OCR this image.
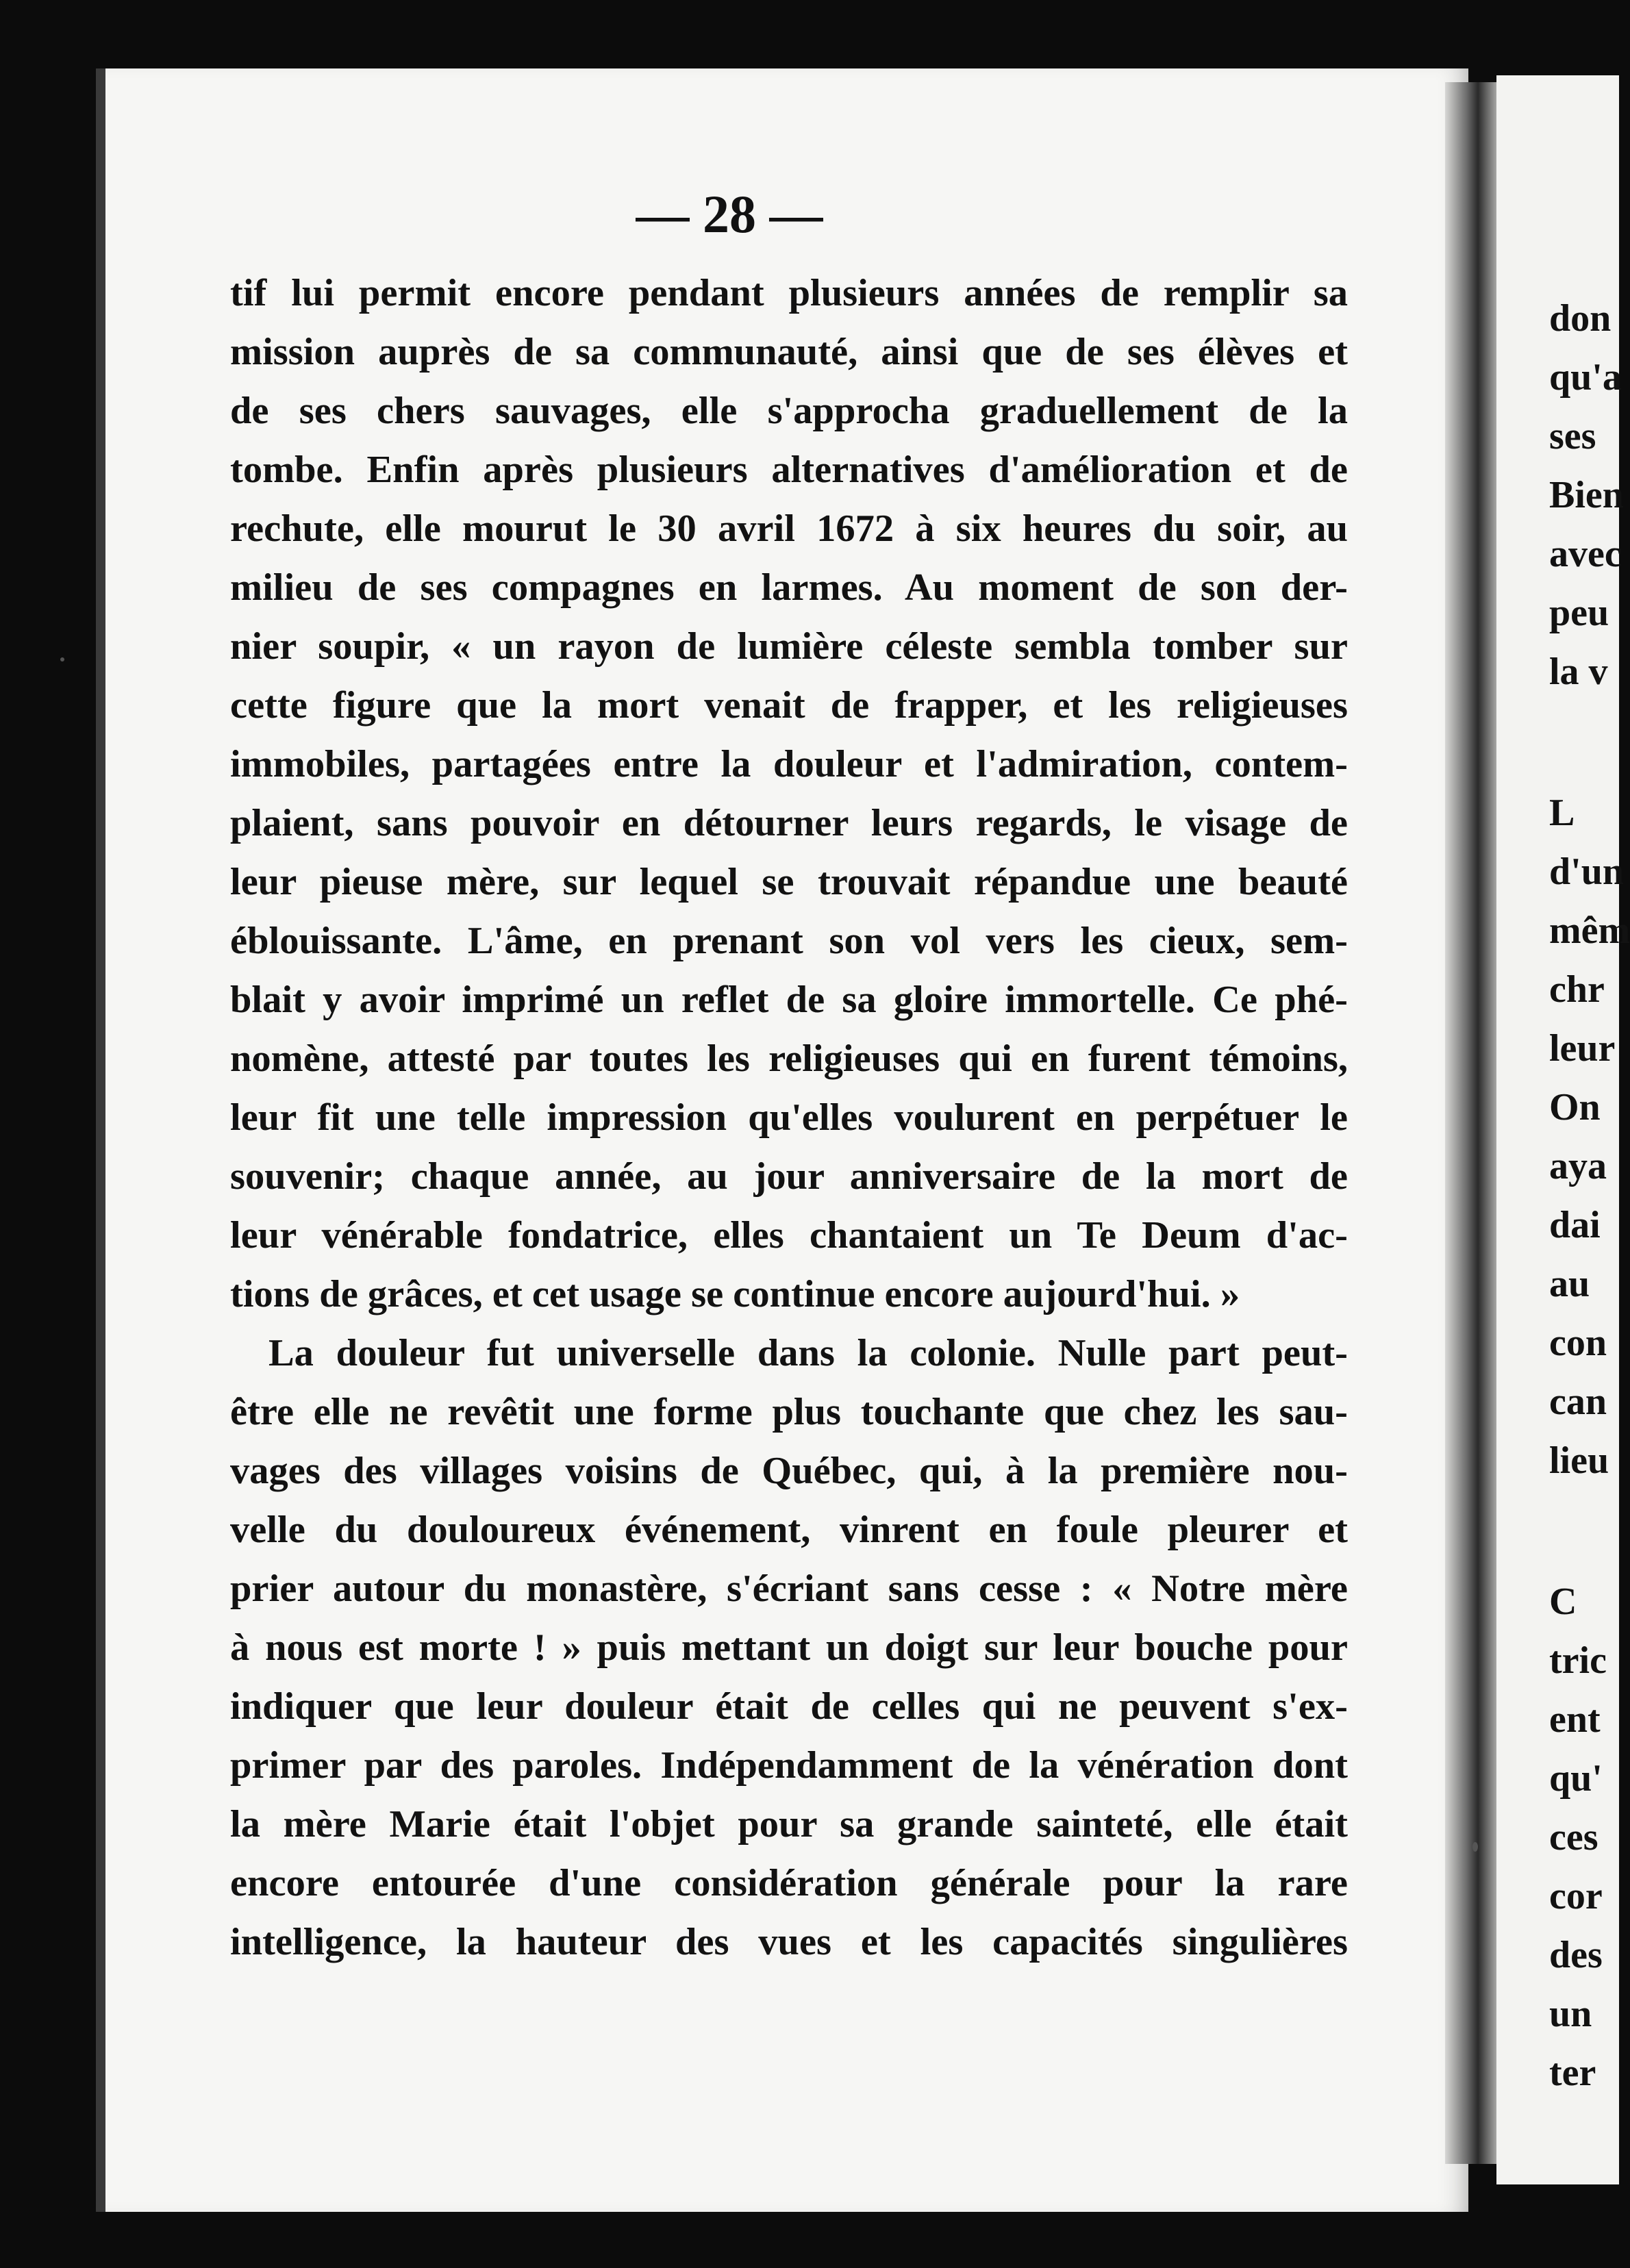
— 28 —
tif lui permit encore pendant plusieurs années de remplir sa
mission auprès de sa communauté, ainsi que de ses élèves et
de ses chers sauvages, elle s'approcha graduellement de la
tombe. Enfin après plusieurs alternatives d'amélioration et de
rechute, elle mourut le 30 avril 1672 à six heures du soir, au
milieu de ses compagnes en larmes. Au moment de son der-
nier soupir, « un rayon de lumière céleste sembla tomber sur
cette figure que la mort venait de frapper, et les religieuses
immobiles, partagées entre la douleur et l'admiration, contem-
plaient, sans pouvoir en détourner leurs regards, le visage de
leur pieuse mère, sur lequel se trouvait répandue une beauté
éblouissante. L'âme, en prenant son vol vers les cieux, sem-
blait y avoir imprimé un reflet de sa gloire immortelle. Ce phé-
nomène, attesté par toutes les religieuses qui en furent témoins,
leur fit une telle impression qu'elles voulurent en perpétuer le
souvenir; chaque année, au jour anniversaire de la mort de
leur vénérable fondatrice, elles chantaient un Te Deum d'ac-
tions de grâces, et cet usage se continue encore aujourd'hui. »
La douleur fut universelle dans la colonie. Nulle part peut-
être elle ne revêtit une forme plus touchante que chez les sau-
vages des villages voisins de Québec, qui, à la première nou-
velle du douloureux événement, vinrent en foule pleurer et
prier autour du monastère, s'écriant sans cesse : « Notre mère
à nous est morte ! » puis mettant un doigt sur leur bouche pour
indiquer que leur douleur était de celles qui ne peuvent s'ex-
primer par des paroles. Indépendamment de la vénération dont
la mère Marie était l'objet pour sa grande sainteté, elle était
encore entourée d'une considération générale pour la rare
intelligence, la hauteur des vues et les capacités singulières
don
qu'a
ses
Bien
avec
peu
la v
L
d'un
mêm
chr
leur
On
aya
dai
au
con
can
lieu
C
tric
ent
qu'
ces
cor
des
un
ter
